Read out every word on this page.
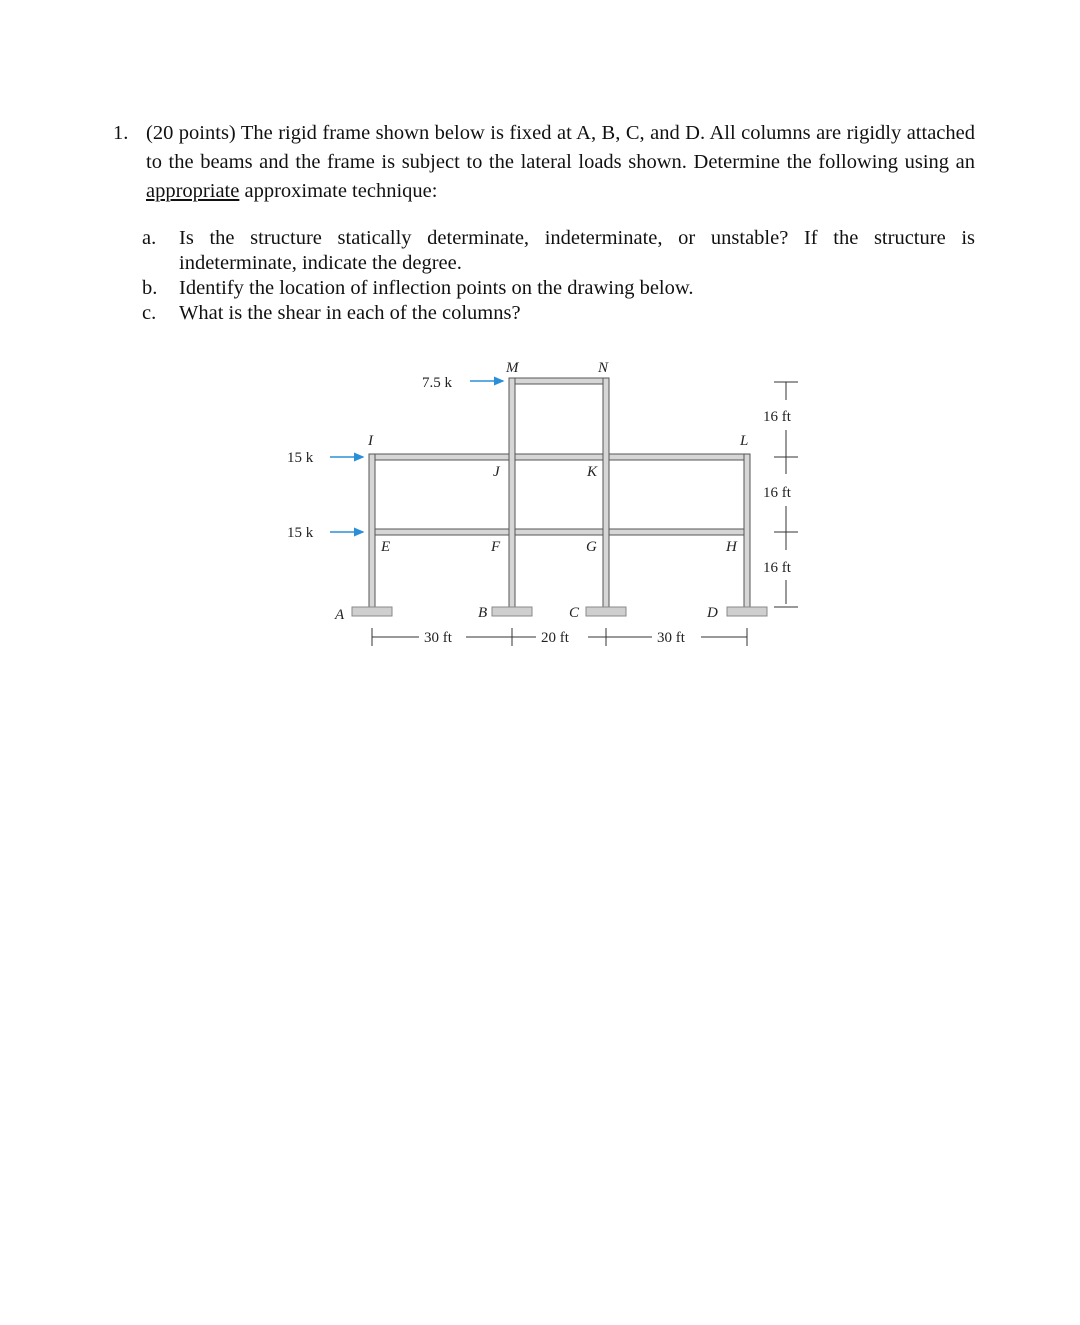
1. (20 points) The rigid frame shown below is fixed at A, B, C, and D. All columns are rigidly attached to the beams and the frame is subject to the lateral loads shown. Determine the following using an appropriate approximate technique:
a. Is the structure statically determinate, indeterminate, or unstable? If the structure is indeterminate, indicate the degree.
b. Identify the location of inflection points on the drawing below.
c. What is the shear in each of the columns?
7.5 k
15 k
15 k
M	N
I	L
J	K
E	F	G	H
A	B	C	D
16 ft
16 ft
16 ft
30 ft	20 ft	30 ft
